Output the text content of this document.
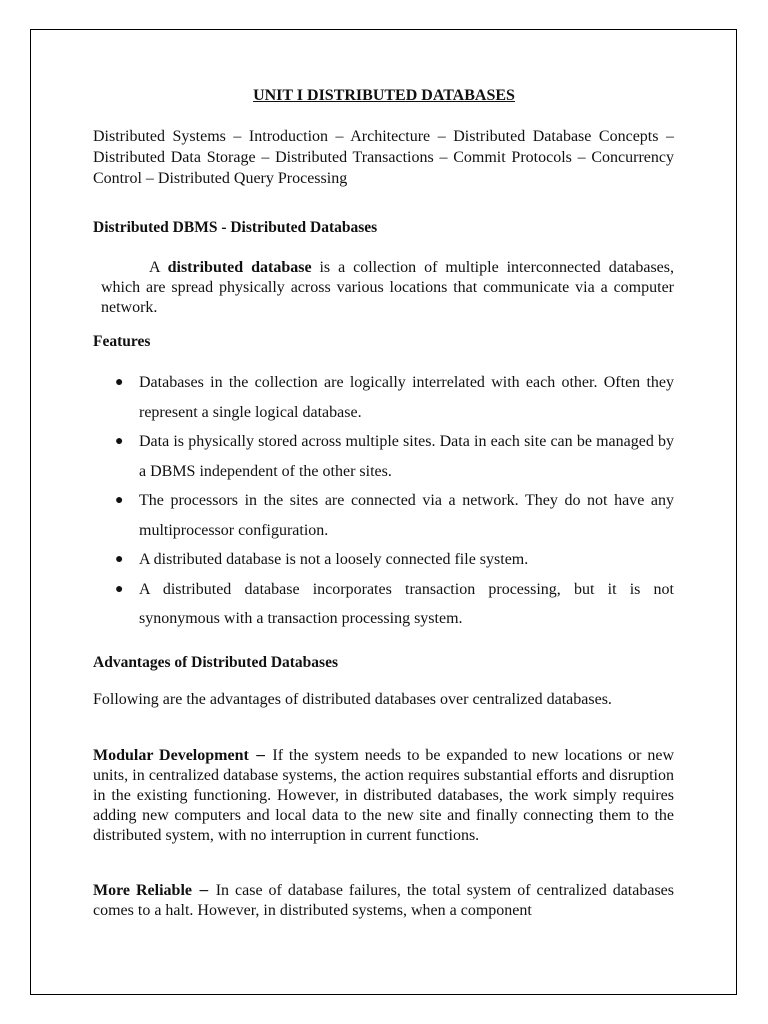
UNIT I DISTRIBUTED DATABASES
Distributed Systems – Introduction – Architecture – Distributed Database Concepts – Distributed Data Storage – Distributed Transactions – Commit Protocols – Concurrency Control – Distributed Query Processing
Distributed DBMS - Distributed Databases
A distributed database is a collection of multiple interconnected databases, which are spread physically across various locations that communicate via a computer network.
Features
● Databases in the collection are logically interrelated with each other. Often they represent a single logical database.
● Data is physically stored across multiple sites. Data in each site can be managed by a DBMS independent of the other sites.
● The processors in the sites are connected via a network. They do not have any multiprocessor configuration.
● A distributed database is not a loosely connected file system.
● A distributed database incorporates transaction processing, but it is not synonymous with a transaction processing system.
Advantages of Distributed Databases
Following are the advantages of distributed databases over centralized databases.
Modular Development − If the system needs to be expanded to new locations or new units, in centralized database systems, the action requires substantial efforts and disruption in the existing functioning. However, in distributed databases, the work simply requires adding new computers and local data to the new site and finally connecting them to the distributed system, with no interruption in current functions.
More Reliable − In case of database failures, the total system of centralized databases comes to a halt. However, in distributed systems, when a component
